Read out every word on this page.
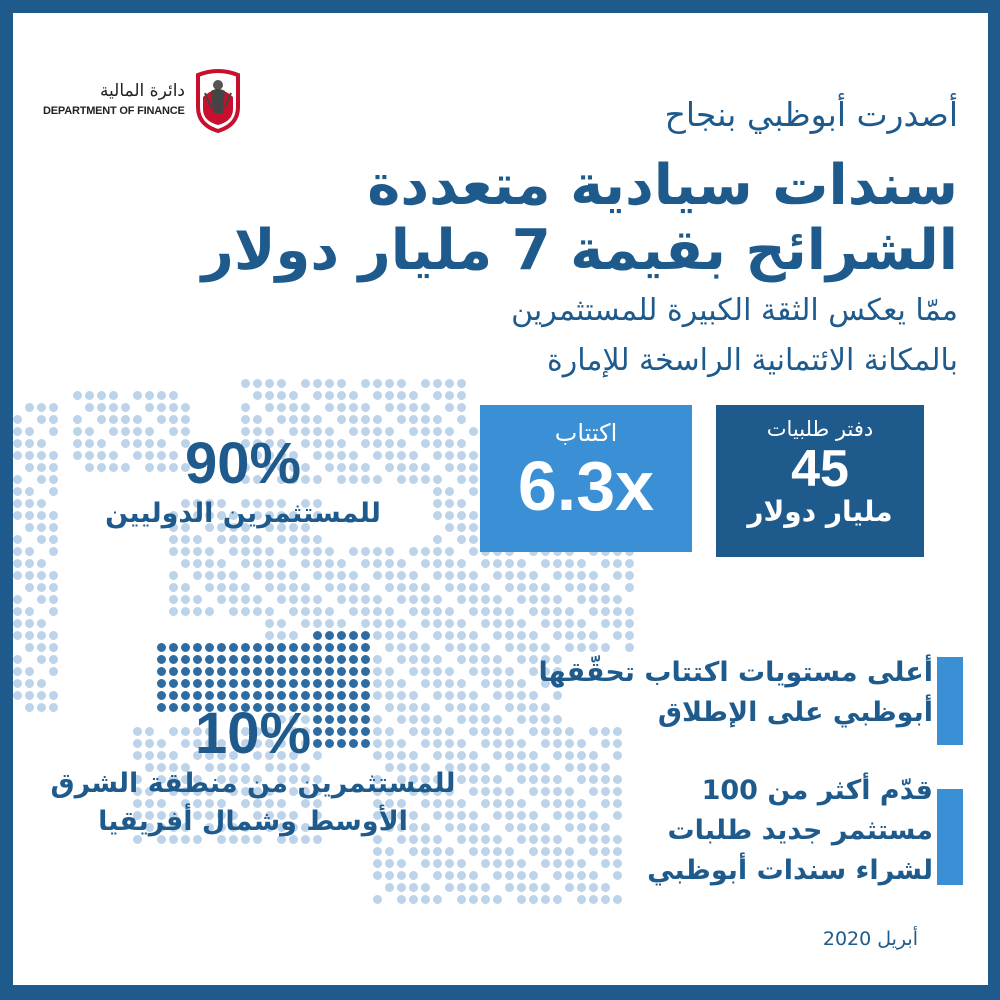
دائرة المالية
DEPARTMENT OF FINANCE	أصدرت أبوظبي بنجاح
سندات سيادية متعددة
الشرائح بقيمة 7 مليار دولار
ممّا يعكس الثقة الكبيرة للمستثمرين
بالمكانة الائتمانية الراسخة للإمارة
اكتتاب
6.3x
دفتر طلبيات
45
مليار دولار
90%
للمستثمرين الدوليين
10%
للمستثمرين من منطقة الشرق
الأوسط وشمال أفريقيا
أعلى مستويات اكتتاب تحقّقها
أبوظبي على الإطلاق
قدّم أكثر من 100
مستثمر جديد طلبات
لشراء سندات أبوظبي
أبريل 2020
